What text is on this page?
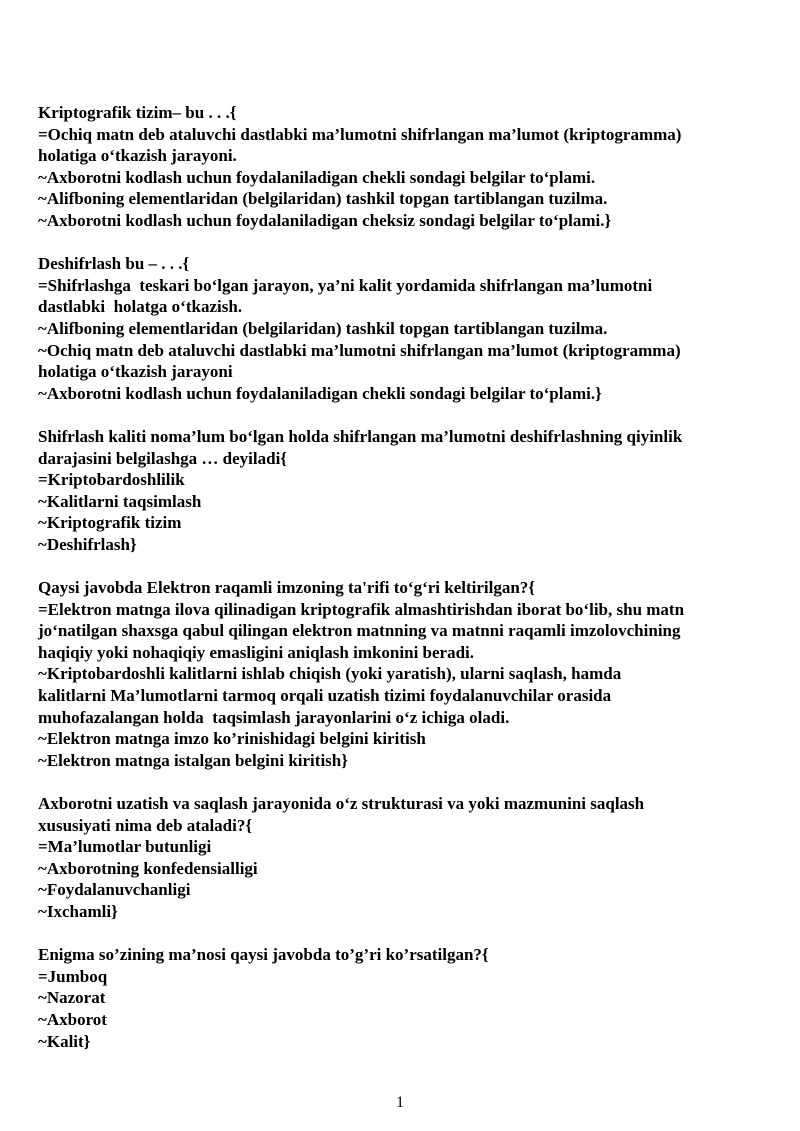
Kriptografik tizim– bu . . .{
=Ochiq matn deb ataluvchi dastlabki ma’lumotni shifrlangan ma’lumot (kriptogramma)
holatiga o‘tkazish jarayoni.
~Axborotni kodlash uchun foydalaniladigan chekli sondagi belgilar to‘plami.
~Alifboning elementlaridan (belgilaridan) tashkil topgan tartiblangan tuzilma.
~Axborotni kodlash uchun foydalaniladigan cheksiz sondagi belgilar to‘plami.}
Deshifrlash bu – . . .{
=Shifrlashga  teskari bo‘lgan jarayon, ya’ni kalit yordamida shifrlangan ma’lumotni
dastlabki  holatga o‘tkazish.
~Alifboning elementlaridan (belgilaridan) tashkil topgan tartiblangan tuzilma.
~Ochiq matn deb ataluvchi dastlabki ma’lumotni shifrlangan ma’lumot (kriptogramma)
holatiga o‘tkazish jarayoni
~Axborotni kodlash uchun foydalaniladigan chekli sondagi belgilar to‘plami.}
Shifrlash kaliti noma’lum bo‘lgan holda shifrlangan ma’lumotni deshifrlashning qiyinlik
darajasini belgilashga … deyiladi{
=Kriptobardoshlilik
~Kalitlarni taqsimlash
~Kriptografik tizim
~Deshifrlash}
Qaysi javobda Elektron raqamli imzoning ta'rifi to‘g‘ri keltirilgan?{
=Elektron matnga ilova qilinadigan kriptografik almashtirishdan iborat bo‘lib, shu matn
jo‘natilgan shaxsga qabul qilingan elektron matnning va matnni raqamli imzolovchining
haqiqiy yoki nohaqiqiy emasligini aniqlash imkonini beradi.
~Kriptobardoshli kalitlarni ishlab chiqish (yoki yaratish), ularni saqlash, hamda
kalitlarni Ma’lumotlarni tarmoq orqali uzatish tizimi foydalanuvchilar orasida
muhofazalangan holda  taqsimlash jarayonlarini o‘z ichiga oladi.
~Elektron matnga imzo ko’rinishidagi belgini kiritish
~Elektron matnga istalgan belgini kiritish}
Axborotni uzatish va saqlash jarayonida o‘z strukturasi va yoki mazmunini saqlash
xususiyati nima deb ataladi?{
=Ma’lumotlar butunligi
~Axborotning konfedensialligi
~Foydalanuvchanligi
~Ixchamli}
Enigma so’zining ma’nosi qaysi javobda to’g’ri ko’rsatilgan?{
=Jumboq
~Nazorat
~Axborot
~Kalit}
1
